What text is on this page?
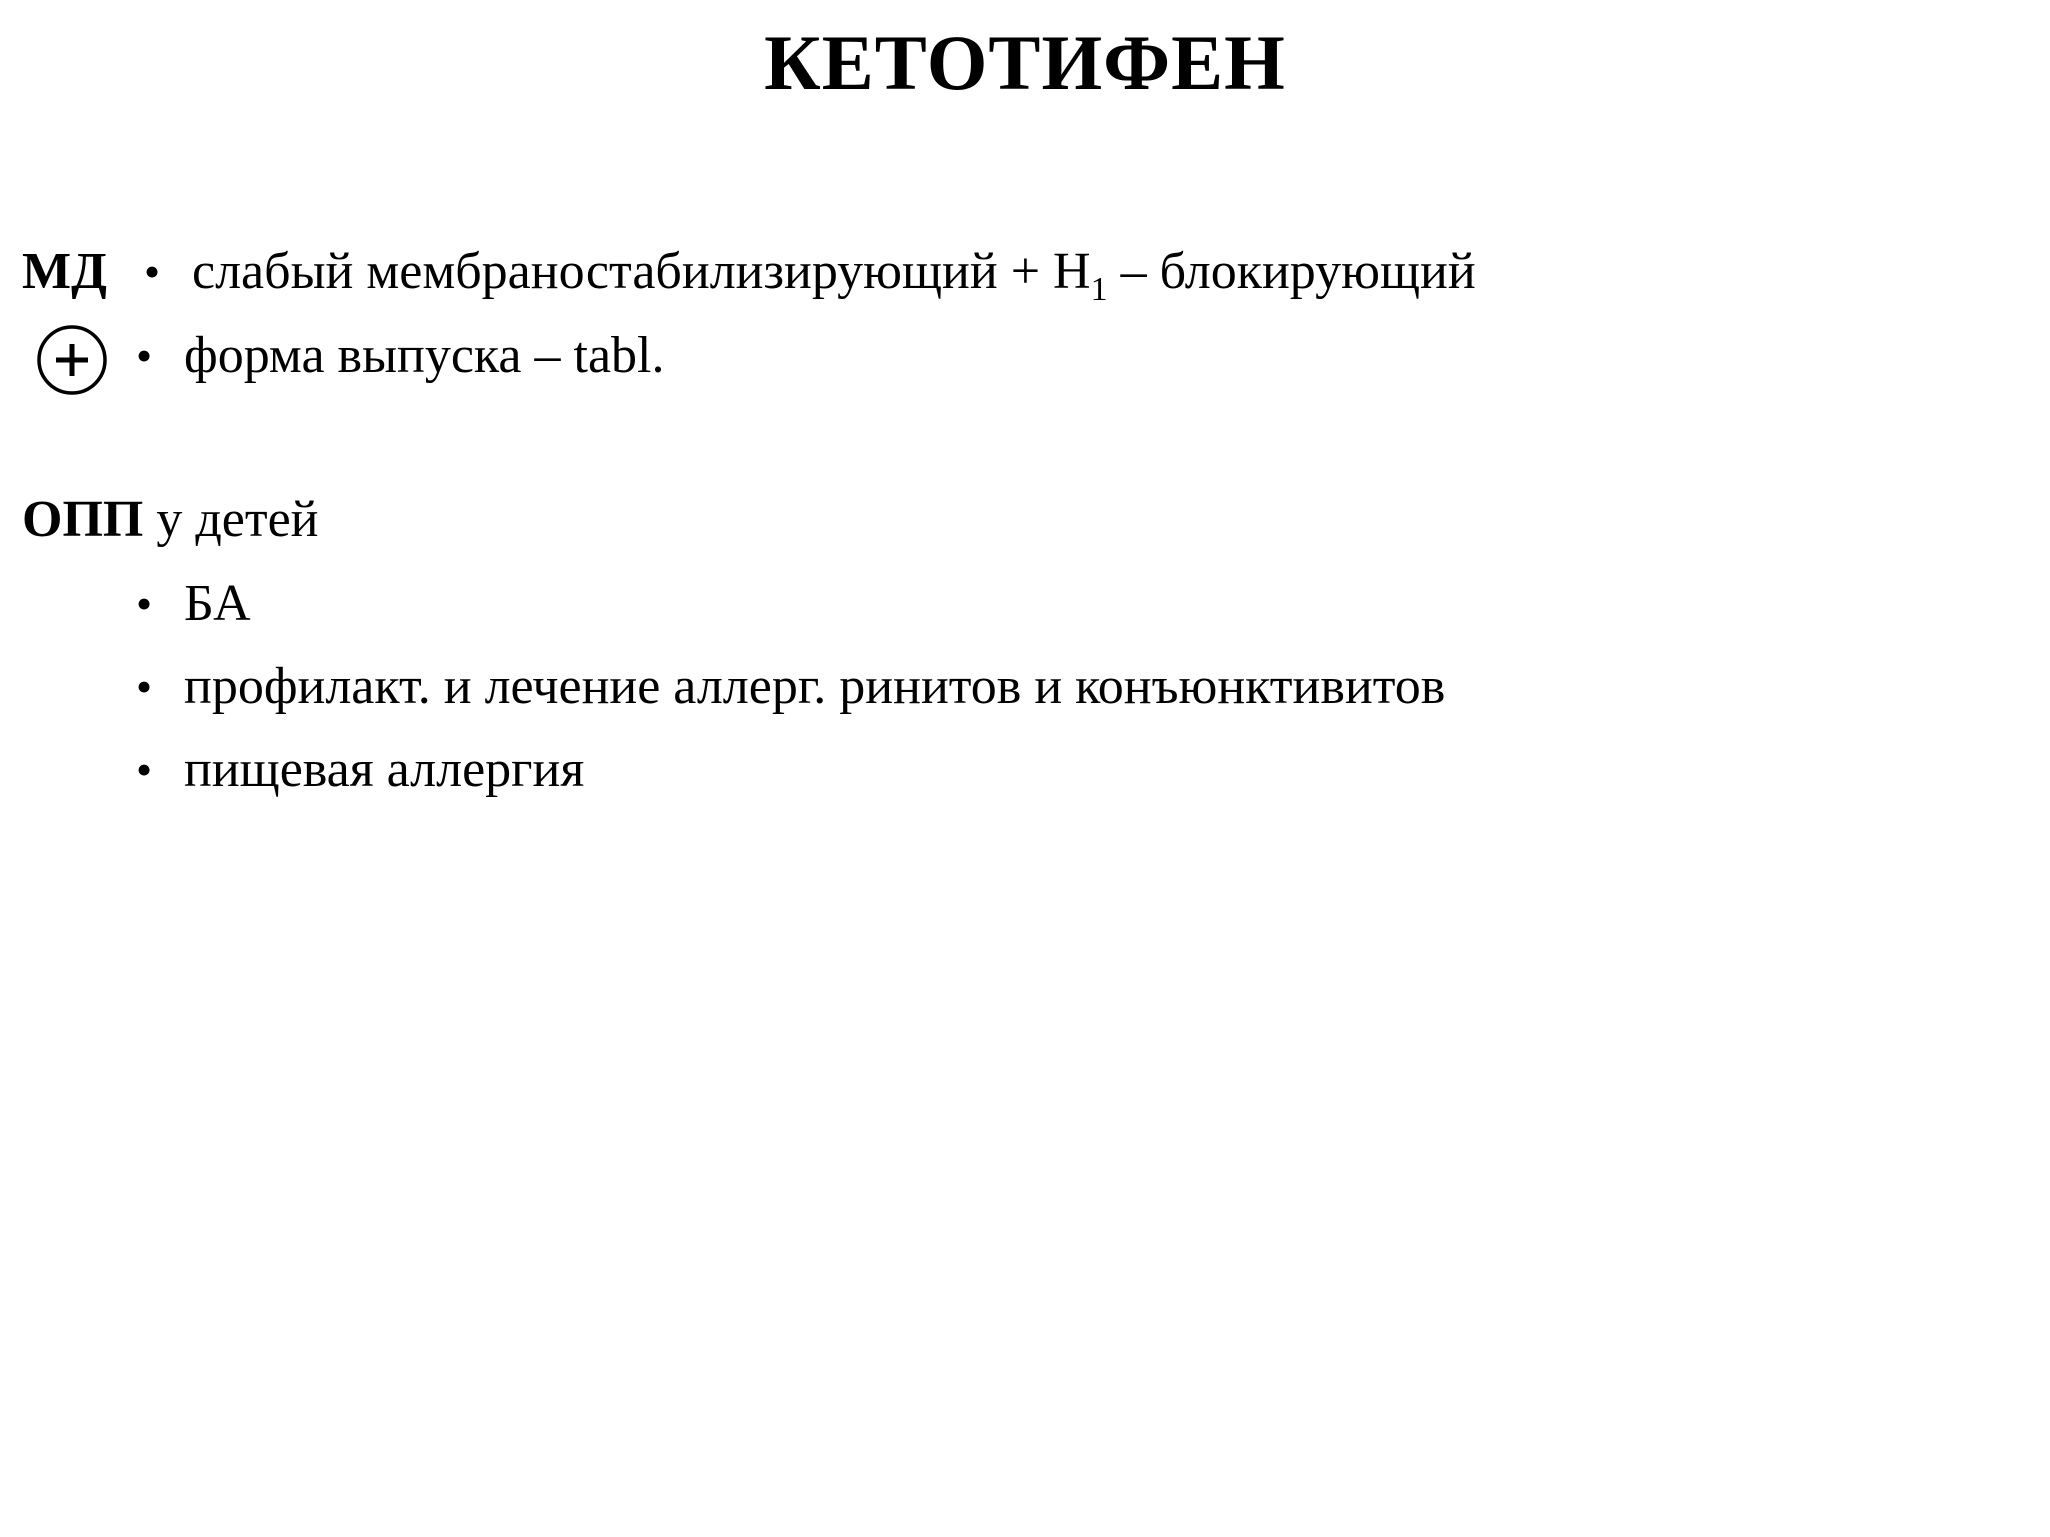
КЕТОТИФЕН
МД • слабый мембраностабилизирующий + $H_1$ – блокирующий
• форма выпуска – tabl.
ОПП у детей
• БА
• профилакт. и лечение аллерг. ринитов и конъюнктивитов
• пищевая аллергия
